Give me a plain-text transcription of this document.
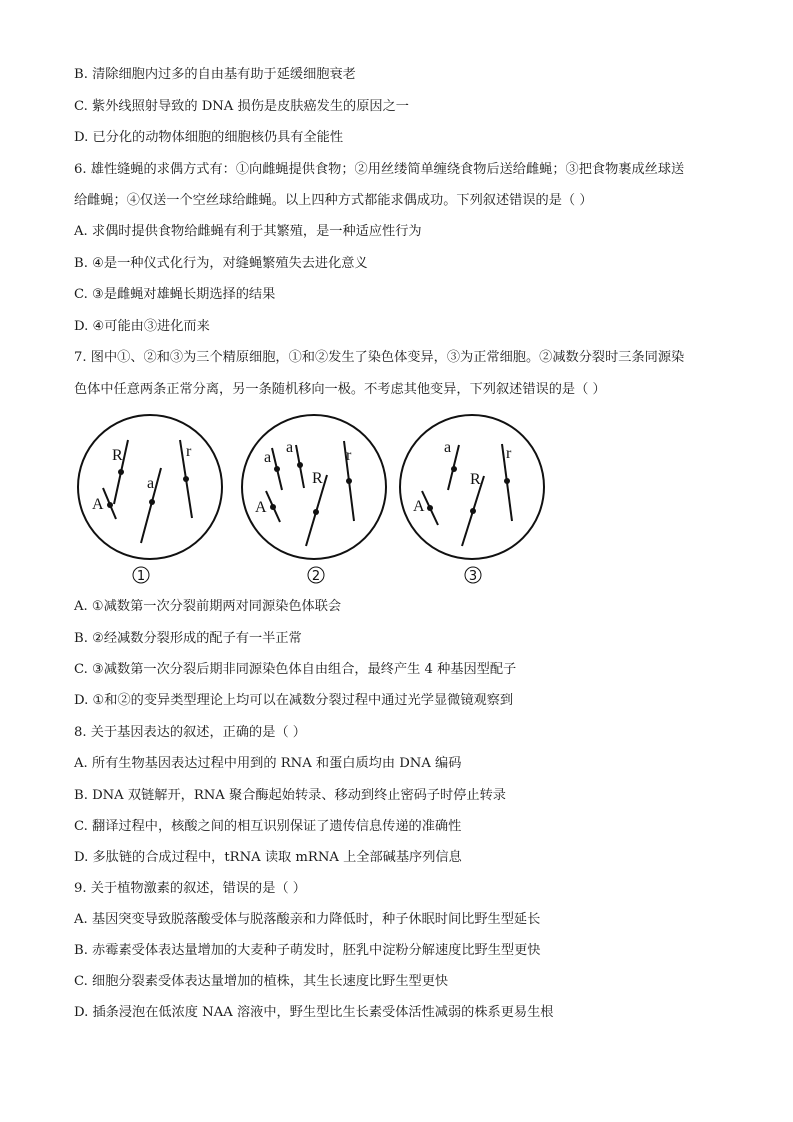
B. 清除细胞内过多的自由基有助于延缓细胞衰老
C. 紫外线照射导致的 DNA 损伤是皮肤癌发生的原因之一
D. 已分化的动物体细胞的细胞核仍具有全能性
6. 雄性缝蝇的求偶方式有：①向雌蝇提供食物；②用丝缕简单缠绕食物后送给雌蝇；③把食物裹成丝球送
给雌蝇；④仅送一个空丝球给雌蝇。以上四种方式都能求偶成功。下列叙述错误的是（ ）
A. 求偶时提供食物给雌蝇有利于其繁殖，是一种适应性行为
B. ④是一种仪式化行为，对缝蝇繁殖失去进化意义
C. ③是雌蝇对雄蝇长期选择的结果
D. ④可能由③进化而来
7. 图中①、②和③为三个精原细胞，①和②发生了染色体变异，③为正常细胞。②减数分裂时三条同源染
色体中任意两条正常分离，另一条随机移向一极。不考虑其他变异，下列叙述错误的是（ ）
R	r
a
A
1
a
a	r
R
A
2
a	r
R
A
3
A. ①减数第一次分裂前期两对同源染色体联会
B. ②经减数分裂形成的配子有一半正常
C. ③减数第一次分裂后期非同源染色体自由组合，最终产生 4 种基因型配子
D. ①和②的变异类型理论上均可以在减数分裂过程中通过光学显微镜观察到
8. 关于基因表达的叙述，正确的是（ ）
A. 所有生物基因表达过程中用到的 RNA 和蛋白质均由 DNA 编码
B. DNA 双链解开，RNA 聚合酶起始转录、移动到终止密码子时停止转录
C. 翻译过程中，核酸之间的相互识别保证了遗传信息传递的准确性
D. 多肽链的合成过程中，tRNA 读取 mRNA 上全部碱基序列信息
9. 关于植物激素的叙述，错误的是（ ）
A. 基因突变导致脱落酸受体与脱落酸亲和力降低时，种子休眠时间比野生型延长
B. 赤霉素受体表达量增加的大麦种子萌发时，胚乳中淀粉分解速度比野生型更快
C. 细胞分裂素受体表达量增加的植株，其生长速度比野生型更快
D. 插条浸泡在低浓度 NAA 溶液中，野生型比生长素受体活性减弱的株系更易生根
